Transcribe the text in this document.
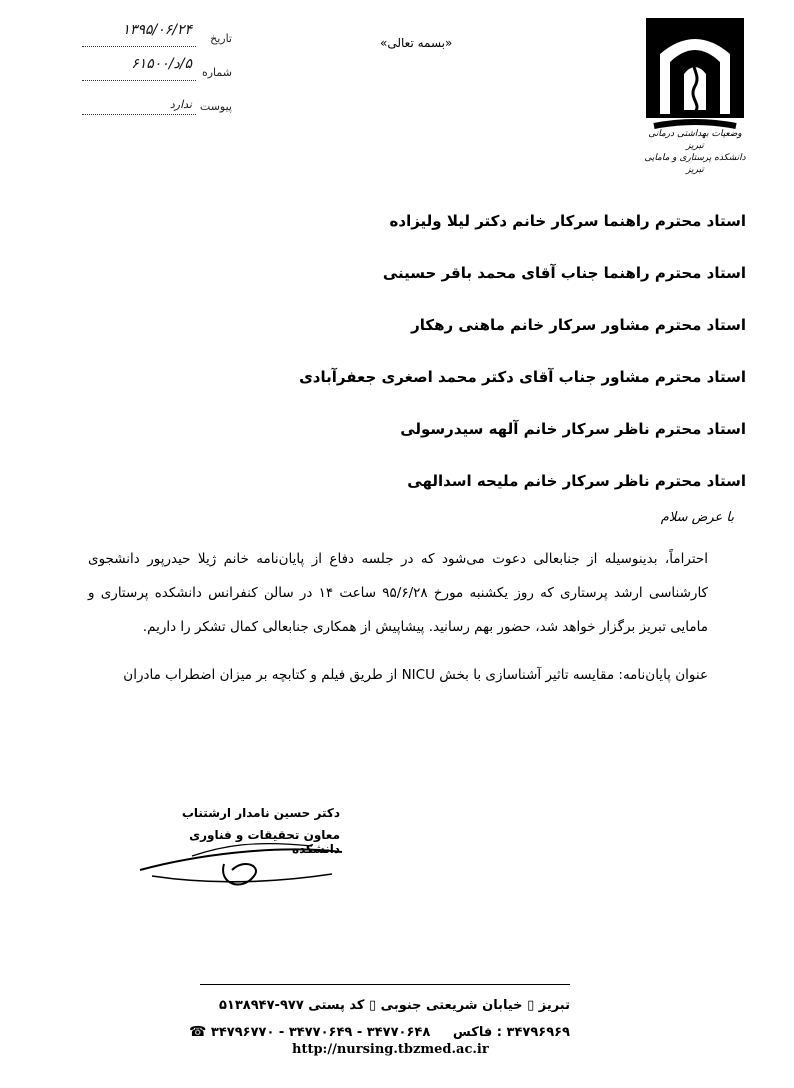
تاریخ
۱۳۹۵/۰۶/۲۴
شماره
۵/د/۶۱۵۰۰
پیوست
ندارد
«بسمه تعالی»
وضعیات بهداشتی درمانی تبریز
دانشکده پرستاری و مامایی تبریز
استاد محترم راهنما سرکار خانم دکتر لیلا ولیزاده
استاد محترم راهنما جناب آقای محمد باقر حسینی
استاد محترم مشاور سرکار خانم ماهنی رهکار
استاد محترم مشاور جناب آقای دکتر محمد اصغری جعفرآبادی
استاد محترم ناظر سرکار خانم آلهه سیدرسولی
استاد محترم ناظر سرکار خانم ملیحه اسدالهی
با عرض سلام
احتراماً، بدینوسیله از جنابعالی دعوت می‌شود که در جلسه دفاع از پایان‌نامه خانم ژیلا حیدرپور دانشجوی کارشناسی ارشد پرستاری که روز یکشنبه مورخ ۹۵/۶/۲۸ ساعت ۱۴ در سالن کنفرانس دانشکده پرستاری و مامایی تبریز برگزار خواهد شد، حضور بهم رسانید. پیشاپیش از همکاری جنابعالی کمال تشکر را داریم.
عنوان پایان‌نامه: مقایسه تاثیر آشناسازی با بخش NICU از طریق فیلم و کتابچه بر میزان اضطراب مادران
دکتر حسین نامدار ارشتناب
معاون تحقیقات و فناوری دانشکده
تبریز ▯ خیابان شریعتی جنوبی ▯ کد پستی ۹۷۷-۵۱۳۸۹۴۷
۳۴۷۹۶۹۶۹ : فاکس     ۳۴۷۷۰۶۴۸ - ۳۴۷۷۰۶۴۹ - ۳۴۷۹۶۷۷۰ ☎
http://nursing.tbzmed.ac.ir
